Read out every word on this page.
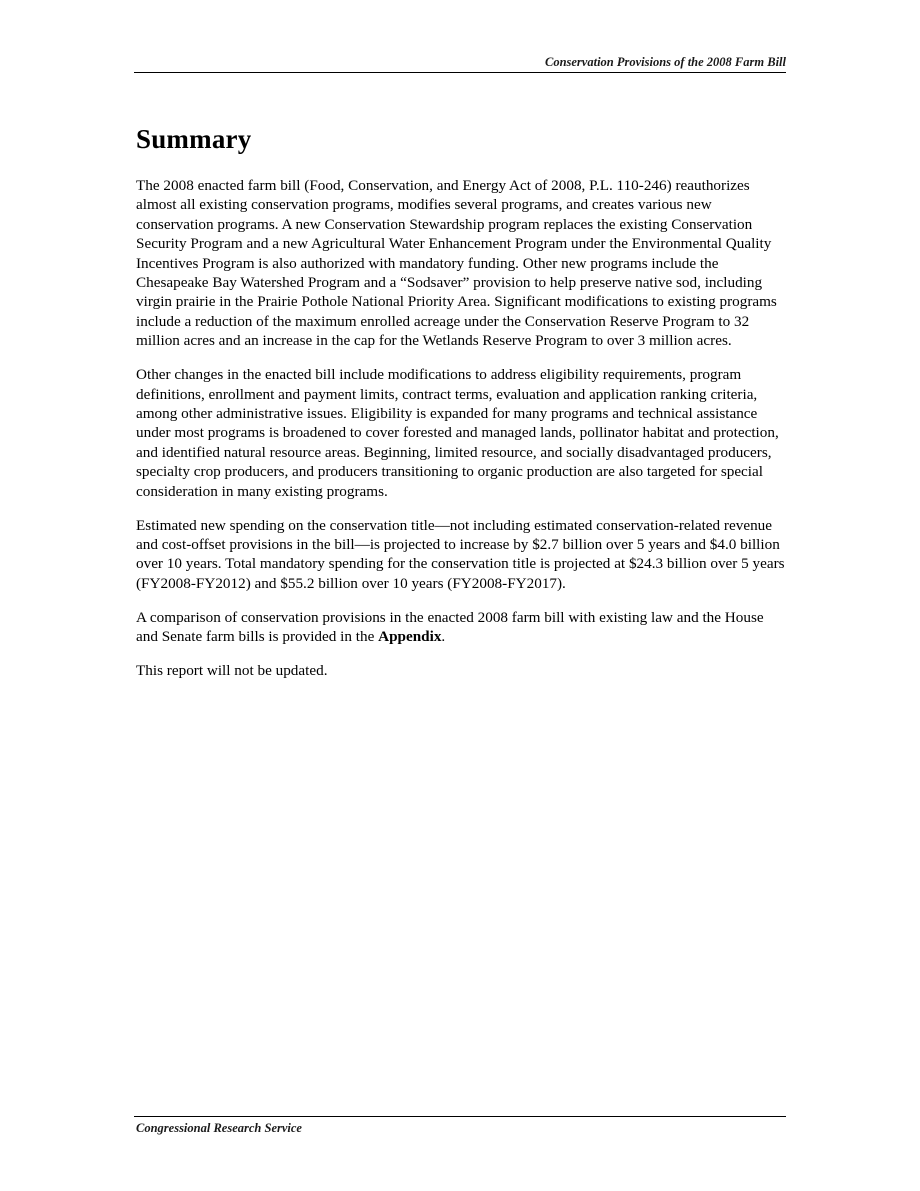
Conservation Provisions of the 2008 Farm Bill
Summary

The 2008 enacted farm bill (Food, Conservation, and Energy Act of 2008, P.L. 110-246) reauthorizes almost all existing conservation programs, modifies several programs, and creates various new conservation programs. A new Conservation Stewardship program replaces the existing Conservation Security Program and a new Agricultural Water Enhancement Program under the Environmental Quality Incentives Program is also authorized with mandatory funding. Other new programs include the Chesapeake Bay Watershed Program and a “Sodsaver” provision to help preserve native sod, including virgin prairie in the Prairie Pothole National Priority Area. Significant modifications to existing programs include a reduction of the maximum enrolled acreage under the Conservation Reserve Program to 32 million acres and an increase in the cap for the Wetlands Reserve Program to over 3 million acres.

Other changes in the enacted bill include modifications to address eligibility requirements, program definitions, enrollment and payment limits, contract terms, evaluation and application ranking criteria, among other administrative issues. Eligibility is expanded for many programs and technical assistance under most programs is broadened to cover forested and managed lands, pollinator habitat and protection, and identified natural resource areas. Beginning, limited resource, and socially disadvantaged producers, specialty crop producers, and producers transitioning to organic production are also targeted for special consideration in many existing programs.

Estimated new spending on the conservation title—not including estimated conservation-related revenue and cost-offset provisions in the bill—is projected to increase by $2.7 billion over 5 years and $4.0 billion over 10 years. Total mandatory spending for the conservation title is projected at $24.3 billion over 5 years (FY2008-FY2012) and $55.2 billion over 10 years (FY2008-FY2017).

A comparison of conservation provisions in the enacted 2008 farm bill with existing law and the House and Senate farm bills is provided in the Appendix.

This report will not be updated.

Congressional Research Service
